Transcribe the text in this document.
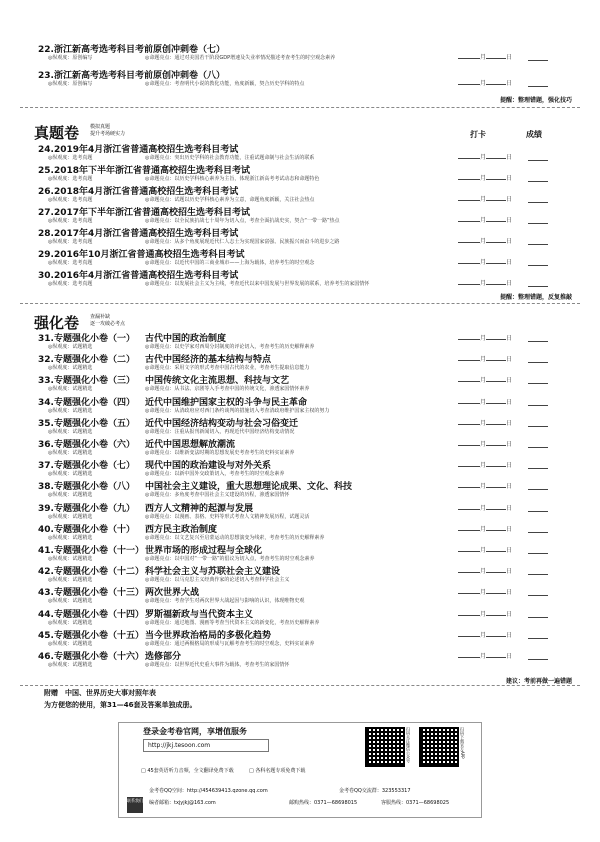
22.浙江新高考选考科目考前原创冲刺卷（七）
◎纵观度：原创编写	◎命题亮点：通过对美国若干阶段GDP增速及失业率情况描述考查考生的时空观念素养	月	日
23.浙江新高考选考科目考前原创冲刺卷（八）
◎纵观度：原创编写	◎命题亮点：考查明代小说的教化功能，角度新颖，契合历史学科的特点	月	日
提醒：整理错题，强化技巧
真题卷 模拟真题
提升考场硬实力	打卡	成绩
24.2019年4月浙江省普通高校招生选考科目考试
◎纵观度：选考真题	◎命题亮点：突出历史学科的社会教育功能，注重试题命制与社会生活的联系	月	日
25.2018年下半年浙江省普通高校招生选考科目考试
◎纵观度：选考真题	◎命题亮点：以历史学科核心素养为主旨，体现浙江新高考考试动态和命题特色	月	日
26.2018年4月浙江省普通高校招生选考科目考试
◎纵观度：选考真题	◎命题亮点：试题以历史学科核心素养为立意，命题角度新颖，关注社会热点	月	日
27.2017年下半年浙江省普通高校招生选考科目考试
◎纵观度：选考真题	◎命题亮点：以全民族抗战七十周年为切入点，考查全面抗战史实，契合“一带一路”热点	月	日
28.2017年4月浙江省普通高校招生选考科目考试
◎纵观度：选考真题	◎命题亮点：从多个角度展现近代仁人志士为实现国家富强、民族振兴而奋斗的进步之路	月	日
29.2016年10月浙江省普通高校招生选考科目考试
◎纵观度：选考真题	◎命题亮点：以近代中国的三商业城市——上海为载体，培养考生的时空观念	月	日
30.2016年4月浙江省普通高校招生选考科目考试
◎纵观度：选考真题	◎命题亮点：以发展社会主义为主线，考查近代以来中国发展与世界发展的联系，培养考生的家国情怀	月	日
提醒：整理错题，反复推敲
强化卷 查漏补缺
逐一攻破必考点
31.专题强化小卷（一） 古代中国的政治制度
◎纵观度：试题精选	◎命题亮点：以史学家对西周分封制度的评论切入，考查考生的历史解释素养
月	日
32.专题强化小卷（二） 古代中国经济的基本结构与特点
◎纵观度：试题精选	◎命题亮点：采用文字的形式考查中国古代的农业，考查考生提取信息能力
月	日
33.专题强化小卷（三） 中国传统文化主流思想、科技与文艺
◎纵观度：试题精选	◎命题亮点：从书法、京剧等入手考查中国的传统文化，渗透家国情怀素养
月	日
34.专题强化小卷（四） 近代中国维护国家主权的斗争与民主革命
◎纵观度：试题精选	◎命题亮点：从清政府应对西门条约谈判的措施切入考查清政府维护国家主权的努力
月	日
35.专题强化小卷（五） 近代中国经济结构变动与社会习俗变迁
◎纵观度：试题精选	◎命题亮点：注重从报刊新闻切入，再现近代中国经济结构变动情况
月	日
36.专题强化小卷（六） 近代中国思想解放潮流
◎纵观度：试题精选	◎命题亮点：以维新变法时期的思想发展史考查考生的史料实证素养
月	日
37.专题强化小卷（七） 现代中国的政治建设与对外关系
◎纵观度：试题精选	◎命题亮点：以新中国外交政策切入，考查考生的时空观念素养
月	日
38.专题强化小卷（八） 中国社会主义建设，重大思想理论成果、文化、科技
◎纵观度：试题精选	◎命题亮点：多角度考查中国社会主义建设的历程，渗透家国情怀
月	日
39.专题强化小卷（九） 西方人文精神的起源与发展
◎纵观度：试题精选	◎命题亮点：以漫画、表格、史料等形式考查人文精神发展历程，试题灵活
月	日
40.专题强化小卷（十） 西方民主政治制度
◎纵观度：试题精选	◎命题亮点：以文艺复兴至启蒙运动的思想演变为线索，考查考生的历史解释素养
月	日
41.专题强化小卷（十一） 世界市场的形成过程与全球化
◎纵观度：试题精选	◎命题亮点：以中国对“一带一路”的倡议为切入点，考查考生的时空观念素养
月	日
42.专题强化小卷（十二） 科学社会主义与苏联社会主义建设
◎纵观度：试题精选	◎命题亮点：以马克思主义经典作家的论述切入考查科学社会主义
月	日
43.专题强化小卷（十三） 两次世界大战
◎纵观度：试题精选	◎命题亮点：考查学生对两次世界大战起因与影响的认识，体现唯物史观
月	日
44.专题强化小卷（十四） 罗斯福新政与当代资本主义
◎纵观度：试题精选	◎命题亮点：通过地图、漫画等考查当代资本主义的新变化，考查历史解释素养
月	日
45.专题强化小卷（十五） 当今世界政治格局的多极化趋势
◎纵观度：试题精选	◎命题亮点：通过两极格局的形成与瓦解考查考生的时空观念，史料实证素养
月	日
46.专题强化小卷（十六） 选修部分
◎纵观度：试题精选	◎命题亮点：以世界近代史重大事件为载体，考查考生的家国情怀
月	日
建议：考前再做一遍错题
附赠　 中国、世界历史大事对照年表
为方便您的使用，第31—46套及答案单独成册。
登录金考卷官网，享增值服务
http://jkj.tesoon.com	扫码关注微信公众号	扫码下载官方APP
□ 45套英语听力音频，全文翻译免费下载	□ 各科名题专项免费下载
金考卷QQ空间：http://454639413.qzone.qq.com	金考卷QQ交流群：323553317
编者邮箱：txjyjkj@163.com	邮购热线：0371—68698015	客服热线：0371—68698025
联系我们
